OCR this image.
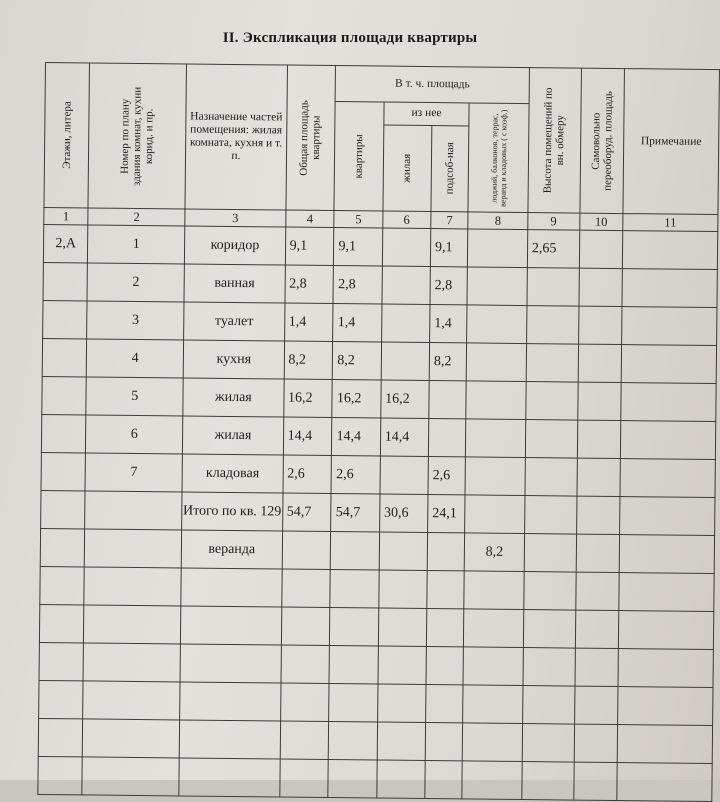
II. Экспликация площади квартиры
Этажи, литера	Номер по плану здания комнат, кухни корид. и пр.	Назначение частей помещения: жилая комната, кухня и т. п.	Общая площадь квартиры	В т. ч. площадь				Высота помещений по вн. обмеру	Самовольно переоборуд. площадь	Примечание

				квартиры	из нее		лоджий, балконов, террас, веранд и кладовых ( с коэф.)			

					жилая	подсоб-ная				

1	2	3	4	5	6	7	8	9	10	11
2,А	1	коридор	9,1	9,1		9,1		2,65		
	2	ванная	2,8	2,8		2,8				
	3	туалет	1,4	1,4		1,4				
	4	кухня	8,2	8,2		8,2				
	5	жилая	16,2	16,2	16,2					
	6	жилая	14,4	14,4	14,4					
	7	кладовая	2,6	2,6		2,6				
		Итого по кв. 129	54,7	54,7	30,6	24,1				
		веранда					8,2			
